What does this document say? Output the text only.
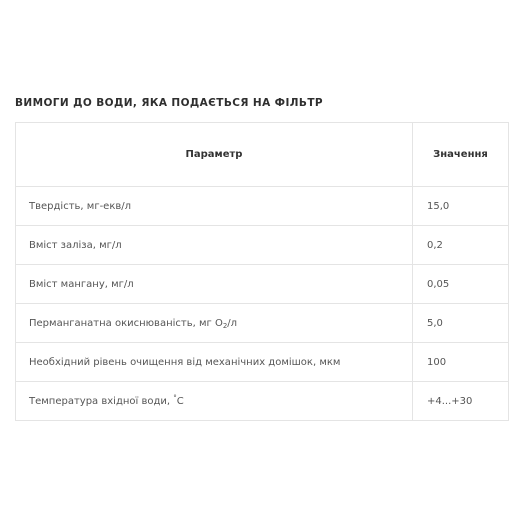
ВИМОГИ ДО ВОДИ, ЯКА ПОДАЄТЬСЯ НА ФІЛЬТР
Параметр	Значення
Твердість, мг-екв/л	15,0
Вміст заліза, мг/л	0,2
Вміст мангану, мг/л	0,05
Перманганатна окиснюваність, мг $O_2/л$	5,0
Необхідний рівень очищення від механічних домішок, мкм	100
Температура вхідної води, °C	+4...+30
